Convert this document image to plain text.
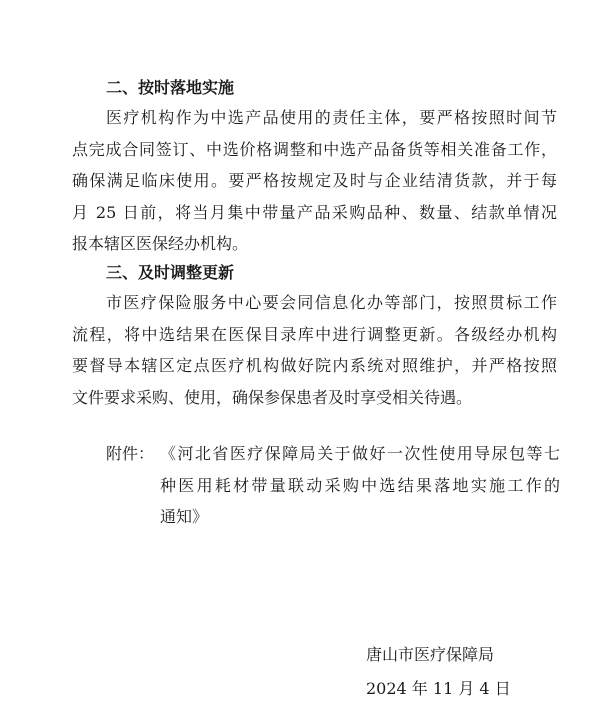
二、按时落地实施
医疗机构作为中选产品使用的责任主体，要严格按照时间节
点完成合同签订、中选价格调整和中选产品备货等相关准备工作，
确保满足临床使用。要严格按规定及时与企业结清货款，并于每
月 25 日前，将当月集中带量产品采购品种、数量、结款单情况
报本辖区医保经办机构。
三、及时调整更新
市医疗保险服务中心要会同信息化办等部门，按照贯标工作
流程，将中选结果在医保目录库中进行调整更新。各级经办机构
要督导本辖区定点医疗机构做好院内系统对照维护，并严格按照
文件要求采购、使用，确保参保患者及时享受相关待遇。
附件： 《河北省医疗保障局关于做好一次性使用导尿包等七
种医用耗材带量联动采购中选结果落地实施工作的
通知》
唐山市医疗保障局
2024 年 11 月 4 日
